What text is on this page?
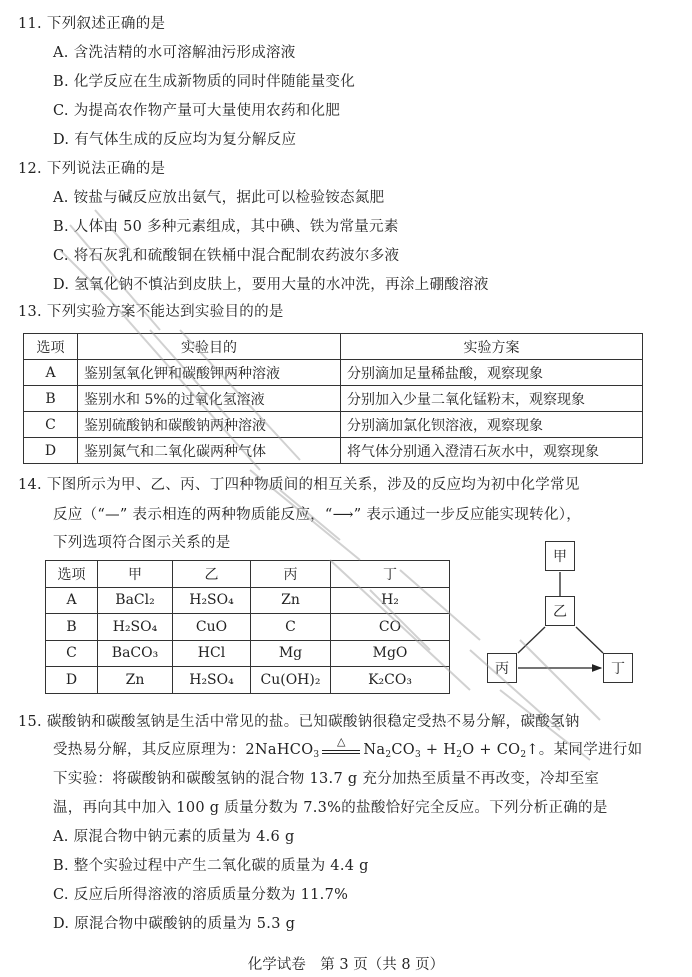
11. 下列叙述正确的是
A. 含洗洁精的水可溶解油污形成溶液
B. 化学反应在生成新物质的同时伴随能量变化
C. 为提高农作物产量可大量使用农药和化肥
D. 有气体生成的反应均为复分解反应
12. 下列说法正确的是
A. 铵盐与碱反应放出氨气，据此可以检验铵态氮肥
B. 人体由 50 多种元素组成，其中碘、铁为常量元素
C. 将石灰乳和硫酸铜在铁桶中混合配制农药波尔多液
D. 氢氧化钠不慎沾到皮肤上，要用大量的水冲洗，再涂上硼酸溶液
13. 下列实验方案不能达到实验目的的是
选项	实验目的	实验方案
A	鉴别氢氧化钾和碳酸钾两种溶液	分别滴加足量稀盐酸，观察现象
B	鉴别水和 5%的过氧化氢溶液	分别加入少量二氧化锰粉末，观察现象
C	鉴别硫酸钠和碳酸钠两种溶液	分别滴加氯化钡溶液，观察现象
D	鉴别氮气和二氧化碳两种气体	将气体分别通入澄清石灰水中，观察现象
14. 下图所示为甲、乙、丙、丁四种物质间的相互关系，涉及的反应均为初中化学常见
反应（“—” 表示相连的两种物质能反应，“⟶” 表示通过一步反应能实现转化），
下列选项符合图示关系的是
选项	甲	乙	丙	丁
A	BaCl₂	H₂SO₄	Zn	H₂
B	H₂SO₄	CuO	C	CO
C	BaCO₃	HCl	Mg	MgO
D	Zn	H₂SO₄	Cu(OH)₂	K₂CO₃
甲
乙
丙	丁
15. 碳酸钠和碳酸氢钠是生活中常见的盐。已知碳酸钠很稳定受热不易分解，碳酸氢钠
受热易分解，其反应原理为：2NaHCO$_3$
△
$Na_2CO_3 + H_2O$ + $CO_2↑$。某同学进行如
下实验：将碳酸钠和碳酸氢钠的混合物 13.7 g 充分加热至质量不再改变，冷却至室
温，再向其中加入 100 g 质量分数为 7.3%的盐酸恰好完全反应。下列分析正确的是
A. 原混合物中钠元素的质量为 4.6 g
B. 整个实验过程中产生二氧化碳的质量为 4.4 g
C. 反应后所得溶液的溶质质量分数为 11.7%
D. 原混合物中碳酸钠的质量为 5.3 g
化学试卷　第 3 页（共 8 页）
